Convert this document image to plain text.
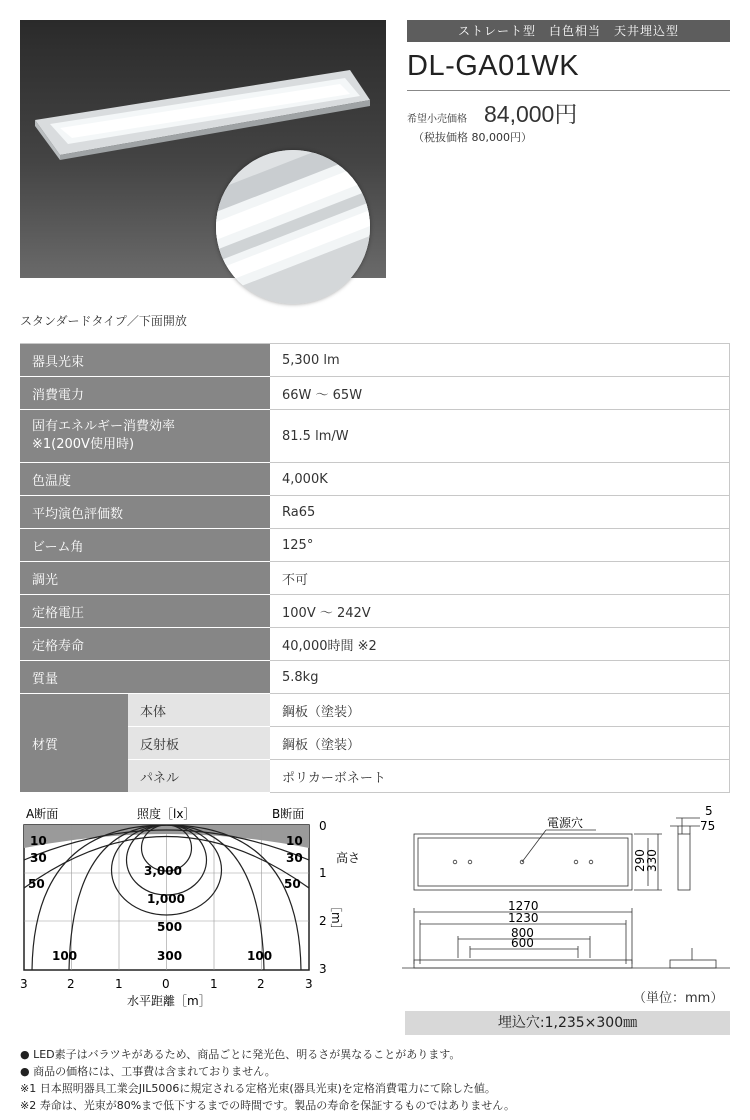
スタンダードタイプ／下面開放
ストレート型　白色相当　天井埋込型
DL-GA01WK
希望小売価格 84,000円
（税抜価格 80,000円）
器具光束		5,300 lm
消費電力		66W ～ 65W
固有エネルギー消費効率
※1(200V使用時)		81.5 lm/W
色温度		4,000K
平均演色評価数		Ra65
ビーム角		125°
調光		不可
定格電圧		100V ～ 242V
定格寿命		40,000時間 ※2
質量		5.8kg
材質	本体	鋼板（塗装）
	反射板	鋼板（塗装）
	パネル	ポリカーボネート
A断面	照度［lx］	B断面
10	10
30	30
50	50
3,000
1,000
500
300
100	100
0
1
2
3
高さ
［m］
3	2	1	0	1	2	3
水平距離［m］
電源穴
5
75
290
330
1270
1230
800
600
（単位：mm）
埋込穴:1,235×300㎜
● LED素子はバラツキがあるため、商品ごとに発光色、明るさが異なることがあります。
● 商品の価格には、工事費は含まれておりません。
※1 日本照明器具工業会JIL5006に規定される定格光束(器具光束)を定格消費電力にて除した値。
※2 寿命は、光束が80%まで低下するまでの時間です。製品の寿命を保証するものではありません。
